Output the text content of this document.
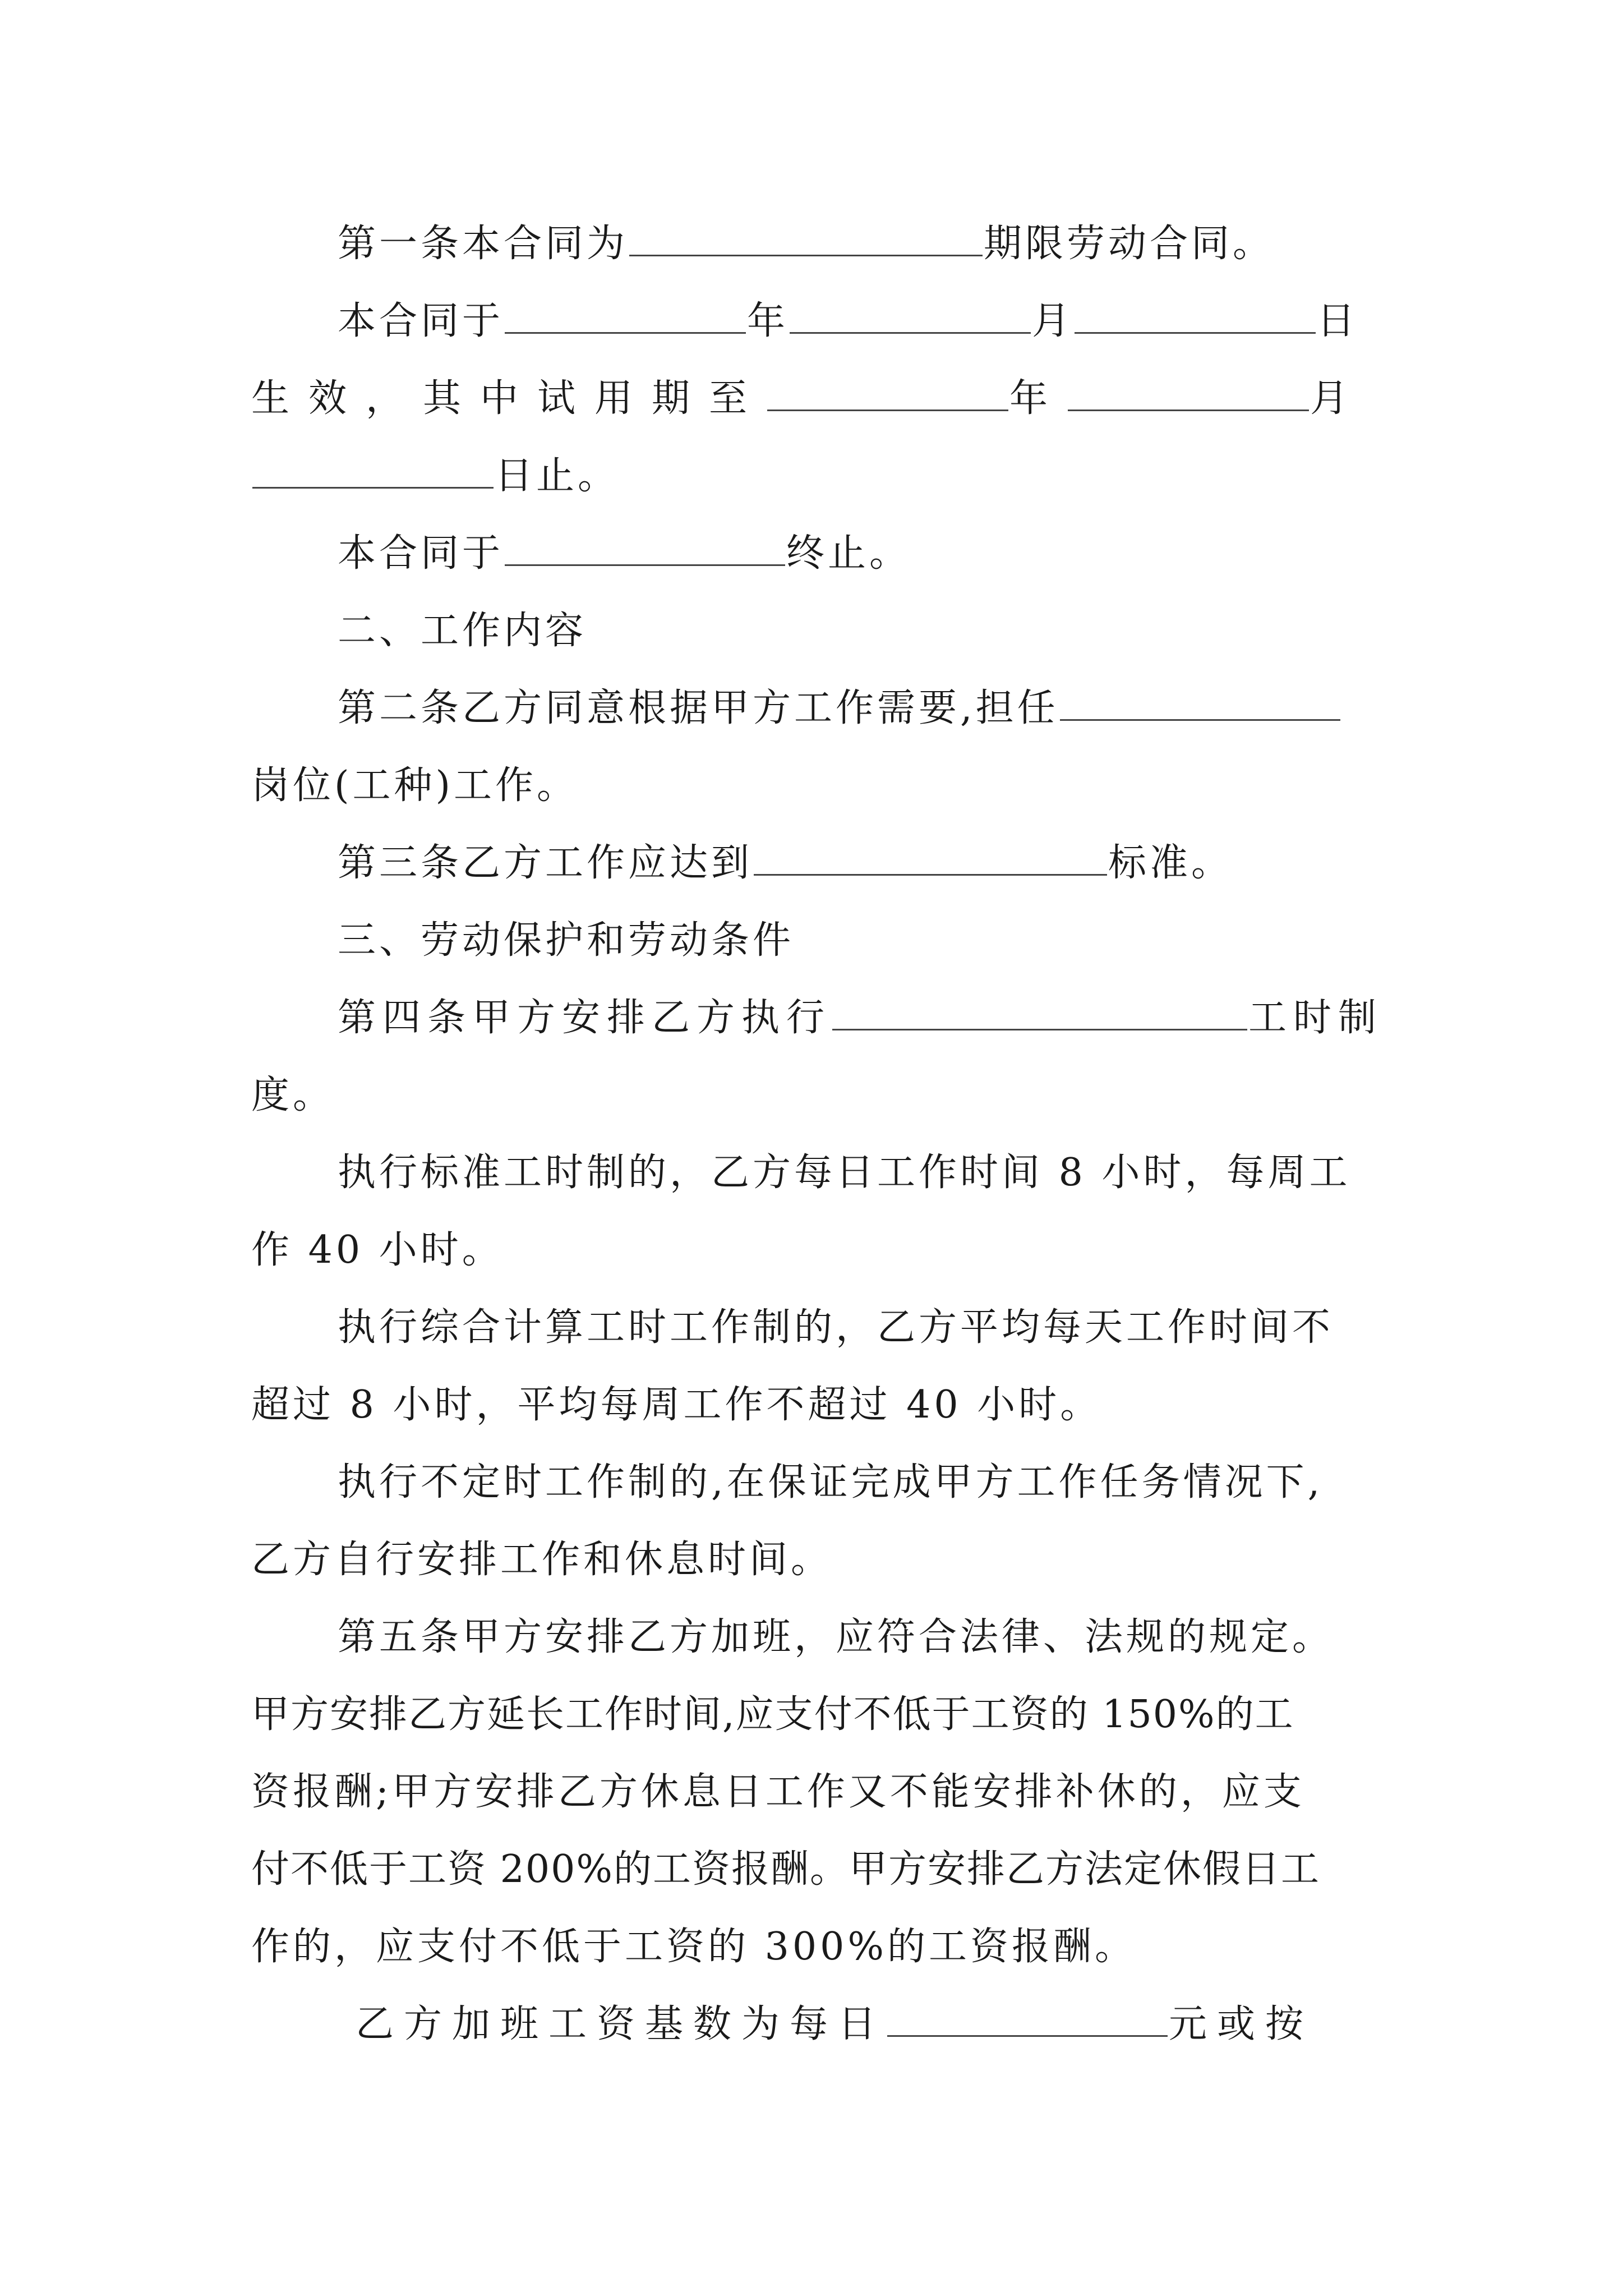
第一条本合同为	期限劳动合同。
本合同于	年	月	日
生效，其中试用期至	年	月
日止。
本合同于	终止。
二、工作内容
第二条乙方同意根据甲方工作需要,担任
岗位(工种)工作。
第三条乙方工作应达到	标准。
三、劳动保护和劳动条件
第四条甲方安排乙方执行	工时制
度。
执行标准工时制的，乙方每日工作时间 8 小时，每周工
作 40 小时。
执行综合计算工时工作制的，乙方平均每天工作时间不
超过 8 小时，平均每周工作不超过 40 小时。
执行不定时工作制的,在保证完成甲方工作任务情况下,
乙方自行安排工作和休息时间。
第五条甲方安排乙方加班，应符合法律、法规的规定。
甲方安排乙方延长工作时间,应支付不低于工资的 150%的工
资报酬;甲方安排乙方休息日工作又不能安排补休的，应支
付不低于工资 200%的工资报酬。甲方安排乙方法定休假日工
作的，应支付不低于工资的 300%的工资报酬。
乙方加班工资基数为每日	元或按
